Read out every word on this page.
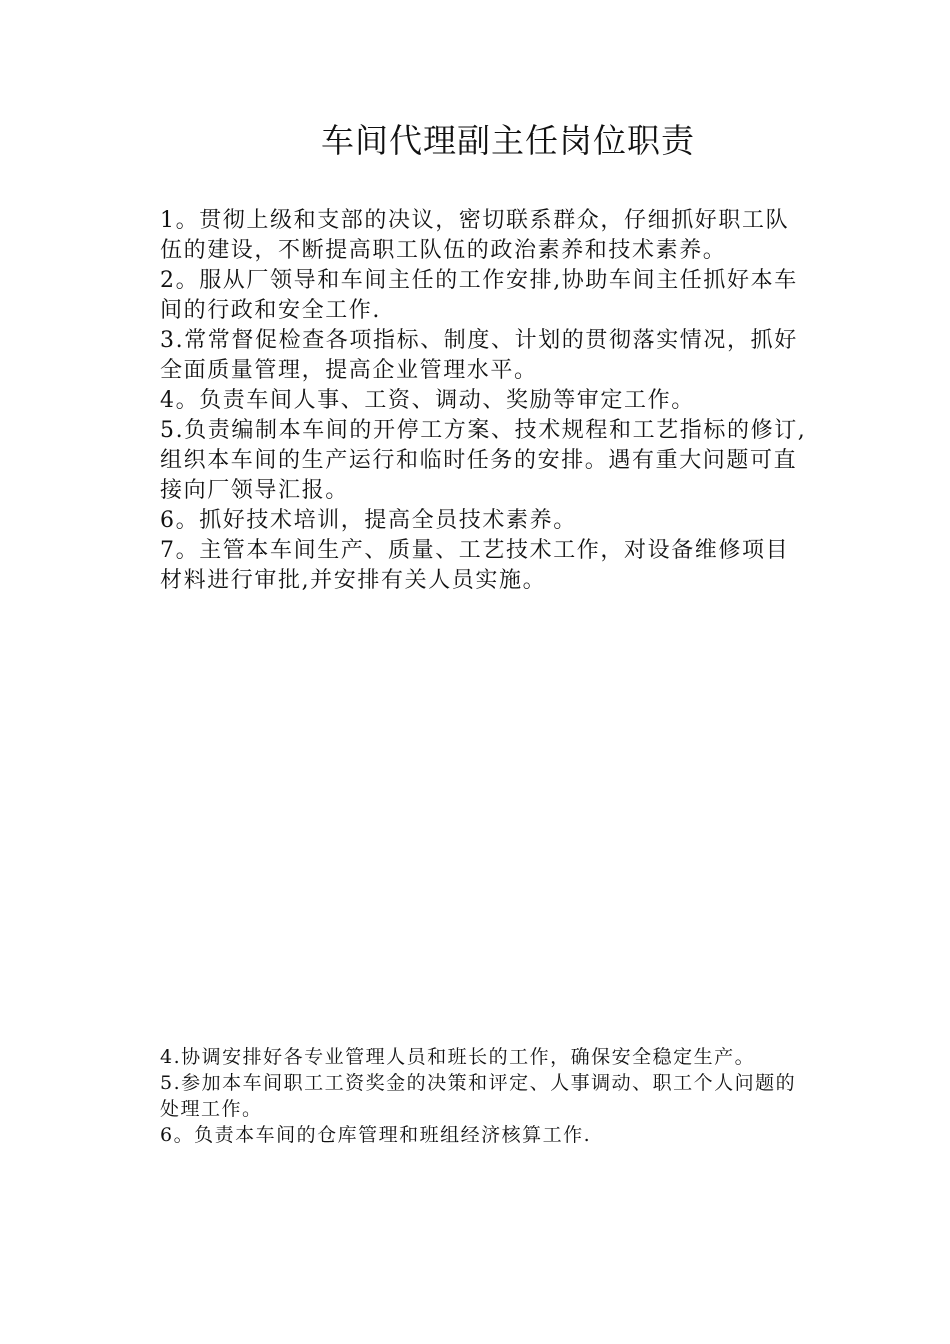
车间代理副主任岗位职责
1。贯彻上级和支部的决议，密切联系群众，仔细抓好职工队
伍的建设，不断提高职工队伍的政治素养和技术素养。
2。服从厂领导和车间主任的工作安排,协助车间主任抓好本车
间的行政和安全工作.
3.常常督促检查各项指标、制度、计划的贯彻落实情况，抓好
全面质量管理，提高企业管理水平。
4。负责车间人事、工资、调动、奖励等审定工作。
5.负责编制本车间的开停工方案、技术规程和工艺指标的修订,
组织本车间的生产运行和临时任务的安排。遇有重大问题可直
接向厂领导汇报。
6。抓好技术培训，提高全员技术素养。
7。主管本车间生产、质量、工艺技术工作，对设备维修项目
材料进行审批,并安排有关人员实施。
4.协调安排好各专业管理人员和班长的工作，确保安全稳定生产。
5.参加本车间职工工资奖金的决策和评定、人事调动、职工个人问题的
处理工作。
6。负责本车间的仓库管理和班组经济核算工作.
